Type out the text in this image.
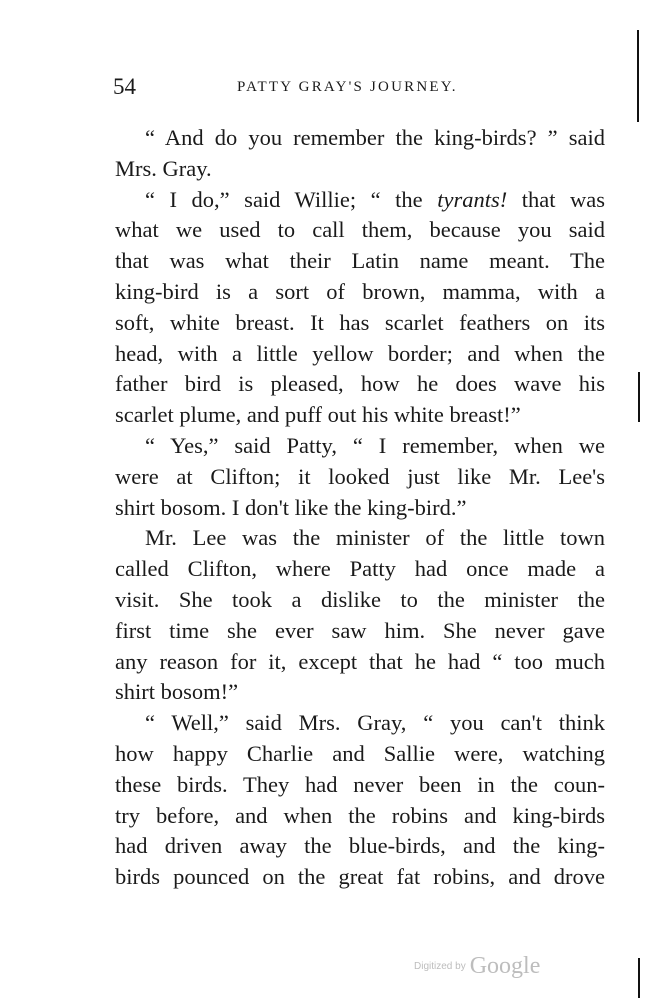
54	PATTY GRAY'S JOURNEY.
“ And do you remember the king-birds? ” said
Mrs. Gray.
“ I do,” said Willie; “ the tyrants! that was
what we used to call them, because you said
that was what their Latin name meant. The
king-bird is a sort of brown, mamma, with a
soft, white breast. It has scarlet feathers on its
head, with a little yellow border; and when the
father bird is pleased, how he does wave his
scarlet plume, and puff out his white breast!”
“ Yes,” said Patty, “ I remember, when we
were at Clifton; it looked just like Mr. Lee's
shirt bosom. I don't like the king-bird.”
Mr. Lee was the minister of the little town
called Clifton, where Patty had once made a
visit. She took a dislike to the minister the
first time she ever saw him. She never gave
any reason for it, except that he had “ too much
shirt bosom!”
“ Well,” said Mrs. Gray, “ you can't think
how happy Charlie and Sallie were, watching
these birds. They had never been in the coun-
try before, and when the robins and king-birds
had driven away the blue-birds, and the king-
birds pounced on the great fat robins, and drove
Digitized by Google
